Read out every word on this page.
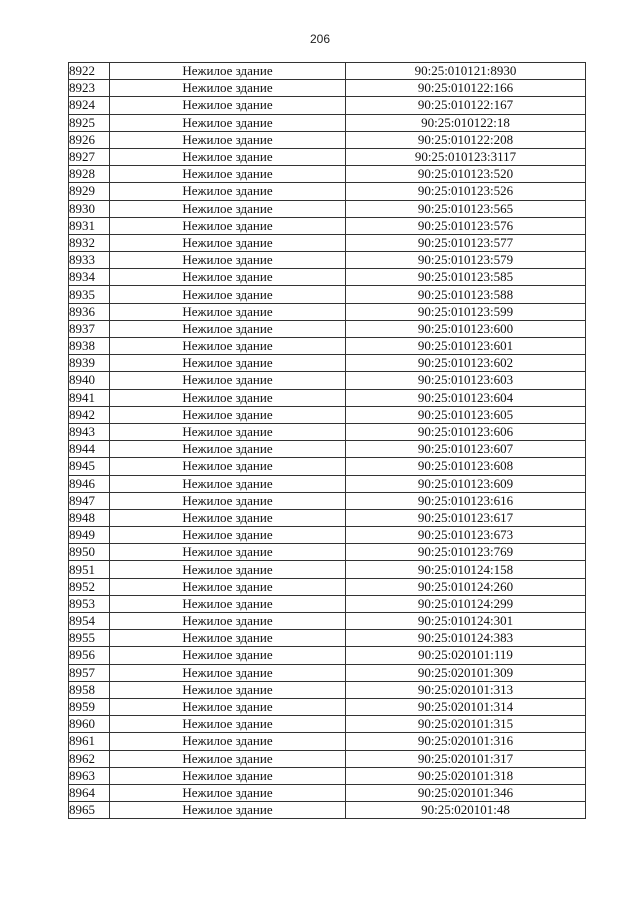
206
8922	Нежилое здание	90:25:010121:8930
8923	Нежилое здание	90:25:010122:166
8924	Нежилое здание	90:25:010122:167
8925	Нежилое здание	90:25:010122:18
8926	Нежилое здание	90:25:010122:208
8927	Нежилое здание	90:25:010123:3117
8928	Нежилое здание	90:25:010123:520
8929	Нежилое здание	90:25:010123:526
8930	Нежилое здание	90:25:010123:565
8931	Нежилое здание	90:25:010123:576
8932	Нежилое здание	90:25:010123:577
8933	Нежилое здание	90:25:010123:579
8934	Нежилое здание	90:25:010123:585
8935	Нежилое здание	90:25:010123:588
8936	Нежилое здание	90:25:010123:599
8937	Нежилое здание	90:25:010123:600
8938	Нежилое здание	90:25:010123:601
8939	Нежилое здание	90:25:010123:602
8940	Нежилое здание	90:25:010123:603
8941	Нежилое здание	90:25:010123:604
8942	Нежилое здание	90:25:010123:605
8943	Нежилое здание	90:25:010123:606
8944	Нежилое здание	90:25:010123:607
8945	Нежилое здание	90:25:010123:608
8946	Нежилое здание	90:25:010123:609
8947	Нежилое здание	90:25:010123:616
8948	Нежилое здание	90:25:010123:617
8949	Нежилое здание	90:25:010123:673
8950	Нежилое здание	90:25:010123:769
8951	Нежилое здание	90:25:010124:158
8952	Нежилое здание	90:25:010124:260
8953	Нежилое здание	90:25:010124:299
8954	Нежилое здание	90:25:010124:301
8955	Нежилое здание	90:25:010124:383
8956	Нежилое здание	90:25:020101:119
8957	Нежилое здание	90:25:020101:309
8958	Нежилое здание	90:25:020101:313
8959	Нежилое здание	90:25:020101:314
8960	Нежилое здание	90:25:020101:315
8961	Нежилое здание	90:25:020101:316
8962	Нежилое здание	90:25:020101:317
8963	Нежилое здание	90:25:020101:318
8964	Нежилое здание	90:25:020101:346
8965	Нежилое здание	90:25:020101:48
